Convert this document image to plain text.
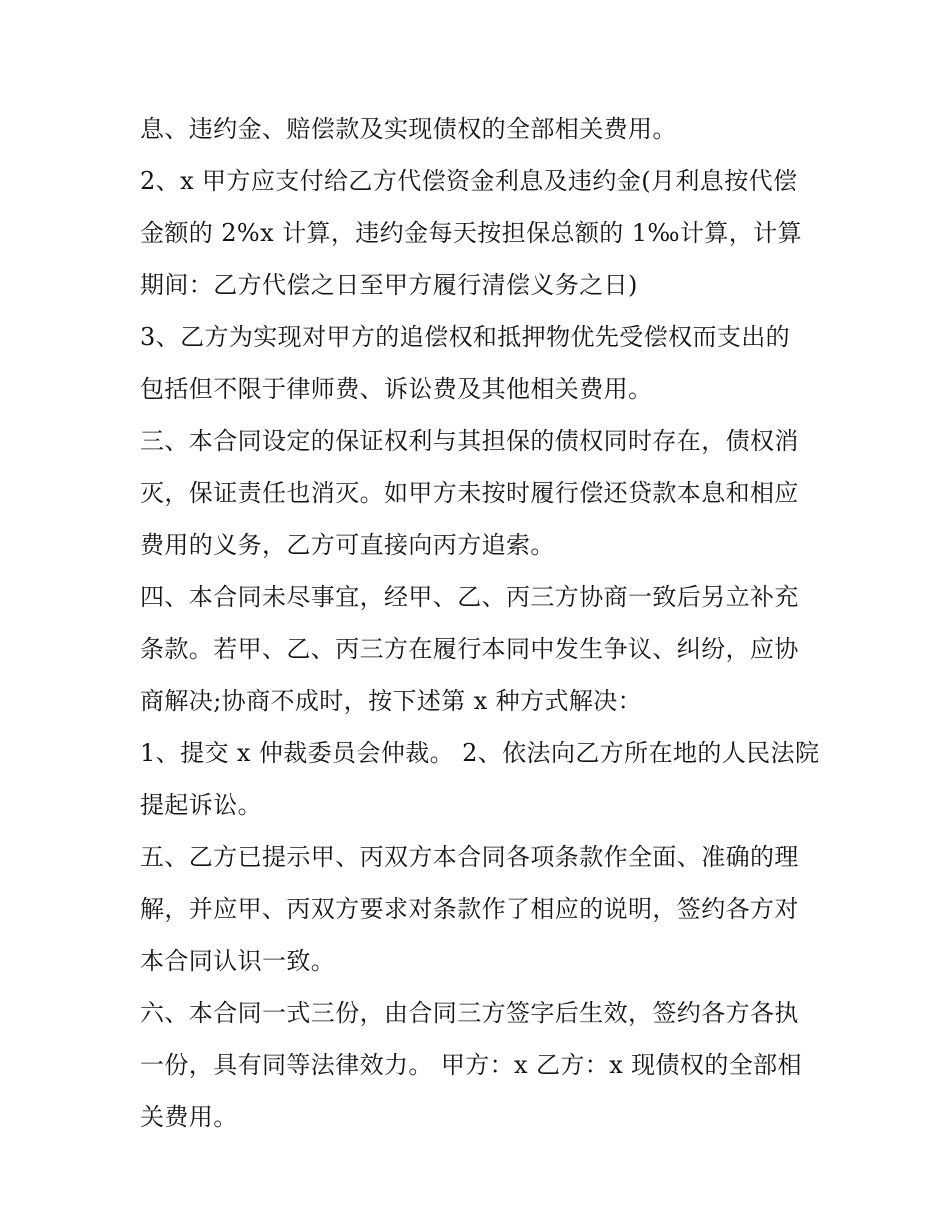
息、违约金、赔偿款及实现债权的全部相关费用。
2、x 甲方应支付给乙方代偿资金利息及违约金(月利息按代偿
金额的 2%x 计算，违约金每天按担保总额的 1‰计算，计算
期间：乙方代偿之日至甲方履行清偿义务之日)
3、乙方为实现对甲方的追偿权和抵押物优先受偿权而支出的
包括但不限于律师费、诉讼费及其他相关费用。
三、本合同设定的保证权利与其担保的债权同时存在，债权消
灭，保证责任也消灭。如甲方未按时履行偿还贷款本息和相应
费用的义务，乙方可直接向丙方追索。
四、本合同未尽事宜，经甲、乙、丙三方协商一致后另立补充
条款。若甲、乙、丙三方在履行本同中发生争议、纠纷，应协
商解决;协商不成时，按下述第 x 种方式解决：
1、提交 x 仲裁委员会仲裁。 2、依法向乙方所在地的人民法院
提起诉讼。
五、乙方已提示甲、丙双方本合同各项条款作全面、准确的理
解，并应甲、丙双方要求对条款作了相应的说明，签约各方对
本合同认识一致。
六、本合同一式三份，由合同三方签字后生效，签约各方各执
一份，具有同等法律效力。 甲方：x 乙方：x 现债权的全部相
关费用。
